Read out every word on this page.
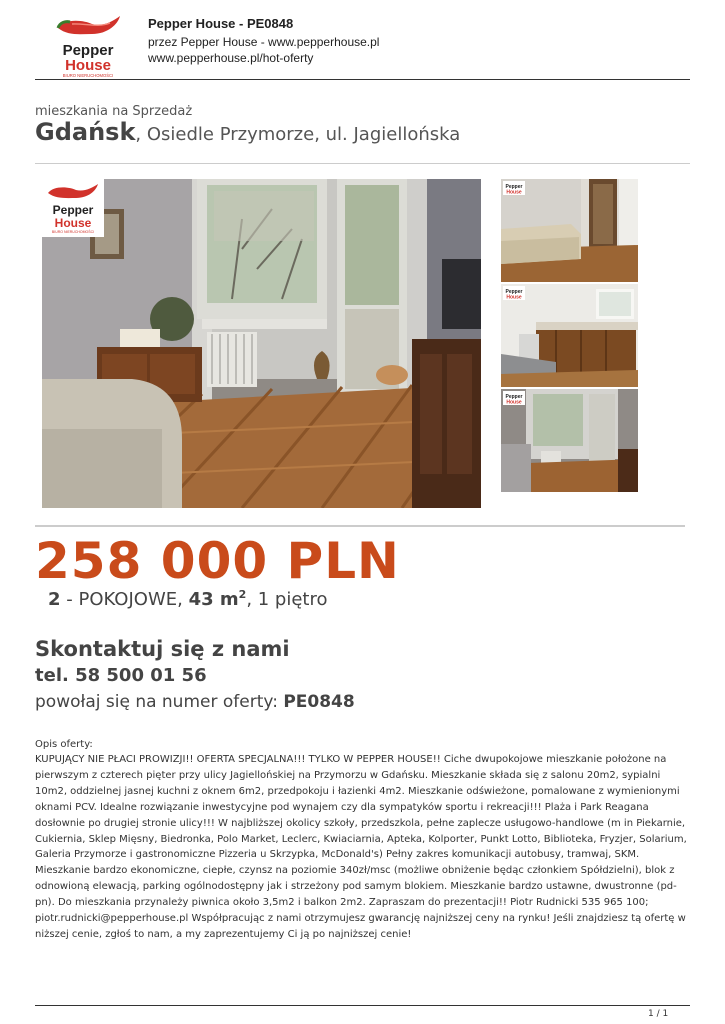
Pepper
House
BIURO NIERUCHOMOŚCI
Pepper House - PE0848
przez Pepper House - www.pepperhouse.pl
www.pepperhouse.pl/hot-oferty
mieszkania na Sprzedaż
Gdańsk, Osiedle Przymorze, ul. Jagiellońska
Pepper
House
Pepper
House
Pepper
House
Pepper
House
BIURO NIERUCHOMOŚCI
258 000 PLN
2 - POKOJOWE, 43 $m^2$, 1 piętro
Skontaktuj się z nami
tel. 58 500 01 56
powołaj się na numer oferty: PE0848
Opis oferty:
KUPUJĄCY NIE PŁACI PROWIZJI!! OFERTA SPECJALNA!!! TYLKO W PEPPER HOUSE!! Ciche dwupokojowe mieszkanie położone na pierwszym z czterech pięter przy ulicy Jagiellońskiej na Przymorzu w Gdańsku. Mieszkanie składa się z salonu 20m2, sypialni 10m2, oddzielnej jasnej kuchni z oknem 6m2, przedpokoju i łazienki 4m2. Mieszkanie odświeżone, pomalowane z wymienionymi oknami PCV. Idealne rozwiązanie inwestycyjne pod wynajem czy dla sympatyków sportu i rekreacji!!! Plaża i Park Reagana dosłownie po drugiej stronie ulicy!!! W najbliższej okolicy szkoły, przedszkola, pełne zaplecze usługowo-handlowe (m in Piekarnie, Cukiernia, Sklep Mięsny, Biedronka, Polo Market, Leclerc, Kwiaciarnia, Apteka, Kolporter, Punkt Lotto, Biblioteka, Fryzjer, Solarium, Galeria Przymorze i gastronomiczne Pizzeria u Skrzypka, McDonald's) Pełny zakres komunikacji autobusy, tramwaj, SKM. Mieszkanie bardzo ekonomiczne, ciepłe, czynsz na poziomie 340zł/msc (możliwe obniżenie będąc członkiem Spółdzielni), blok z odnowioną elewacją, parking ogólnodostępny jak i strzeżony pod samym blokiem. Mieszkanie bardzo ustawne, dwustronne (pd-pn). Do mieszkania przynależy piwnica około 3,5m2 i balkon 2m2. Zapraszam do prezentacji!! Piotr Rudnicki 535 965 100; piotr.rudnicki@pepperhouse.pl Współpracując z nami otrzymujesz gwarancję najniższej ceny na rynku! Jeśli znajdziesz tą ofertę w niższej cenie, zgłoś to nam, a my zaprezentujemy Ci ją po najniższej cenie!
1 / 1
